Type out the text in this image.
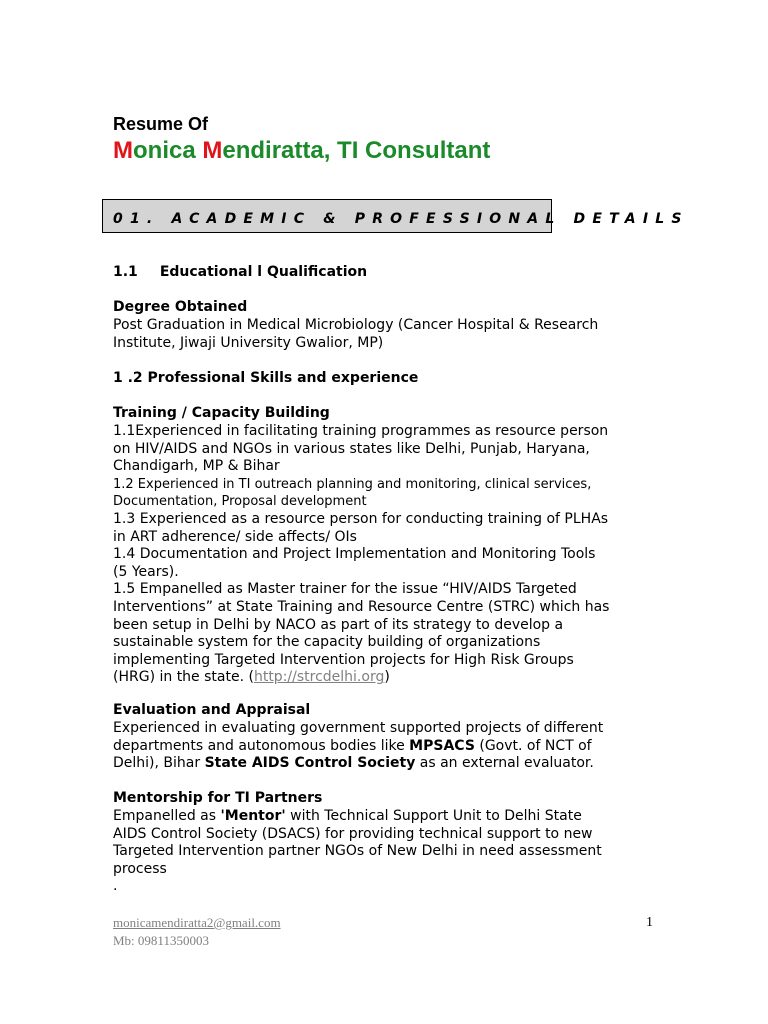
Resume Of
Monica Mendiratta, TI Consultant
01. ACADEMIC & PROFESSIONAL DETAILS
1.1 Educational l Qualification
Degree Obtained
Post Graduation in Medical Microbiology (Cancer Hospital & Research
Institute, Jiwaji University Gwalior, MP)
1 .2 Professional Skills and experience
Training / Capacity Building
1.1Experienced in facilitating training programmes as resource person
on HIV/AIDS and NGOs in various states like Delhi, Punjab, Haryana,
Chandigarh, MP & Bihar
1.2 Experienced in TI outreach planning and monitoring, clinical services,
Documentation, Proposal development
1.3 Experienced as a resource person for conducting training of PLHAs
in ART adherence/ side affects/ OIs
1.4 Documentation and Project Implementation and Monitoring Tools
(5 Years).
1.5 Empanelled as Master trainer for the issue “HIV/AIDS Targeted
Interventions” at State Training and Resource Centre (STRC) which has
been setup in Delhi by NACO as part of its strategy to develop a
sustainable system for the capacity building of organizations
implementing Targeted Intervention projects for High Risk Groups
(HRG) in the state. (http://strcdelhi.org)
Evaluation and Appraisal
Experienced in evaluating government supported projects of different
departments and autonomous bodies like MPSACS (Govt. of NCT of
Delhi), Bihar State AIDS Control Society as an external evaluator.
Mentorship for TI Partners
Empanelled as 'Mentor' with Technical Support Unit to Delhi State
AIDS Control Society (DSACS) for providing technical support to new
Targeted Intervention partner NGOs of New Delhi in need assessment
process
.
monicamendiratta2@gmail.com
Mb: 09811350003
1
